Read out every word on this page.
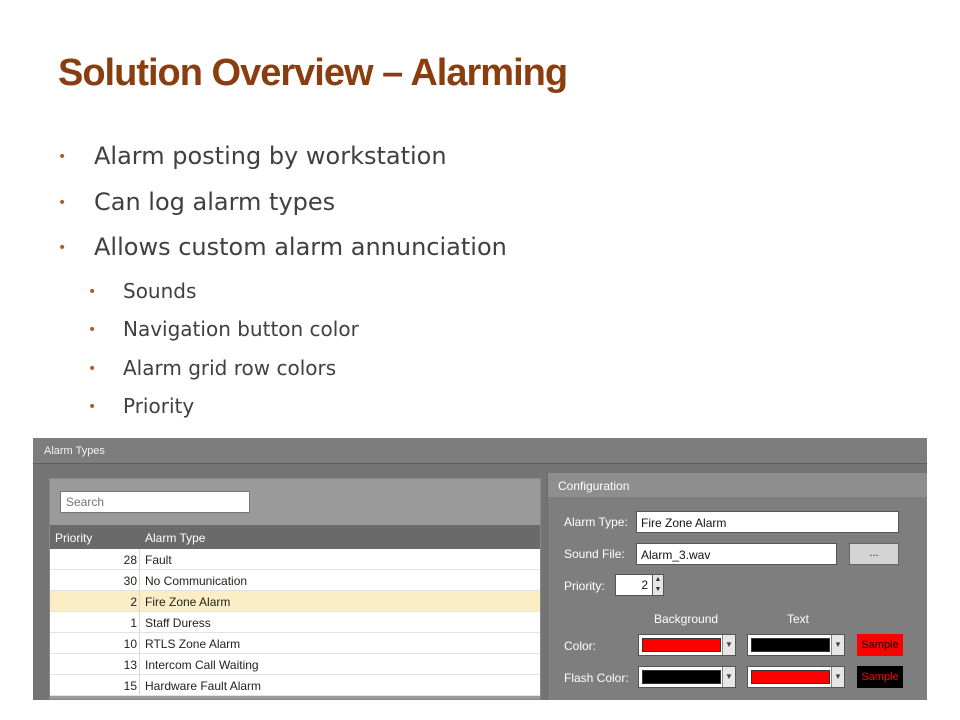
Solution Overview – Alarming
• Alarm posting by workstation
• Can log alarm types
• Allows custom alarm annunciation
• Sounds
• Navigation button color
• Alarm grid row colors
• Priority
Alarm Types
Search
Priority	Alarm Type
28 Fault
30 No Communication
2 Fire Zone Alarm
1 Staff Duress
10 RTLS Zone Alarm
13 Intercom Call Waiting
15 Hardware Fault Alarm
Configuration
Alarm Type:	Fire Zone Alarm
Sound File:	Alarm_3.wav	...
Priority:	2 ▲
▼
Background	Text
Color:	▼	▼	Sample
Flash Color:	▼	▼	Sample
